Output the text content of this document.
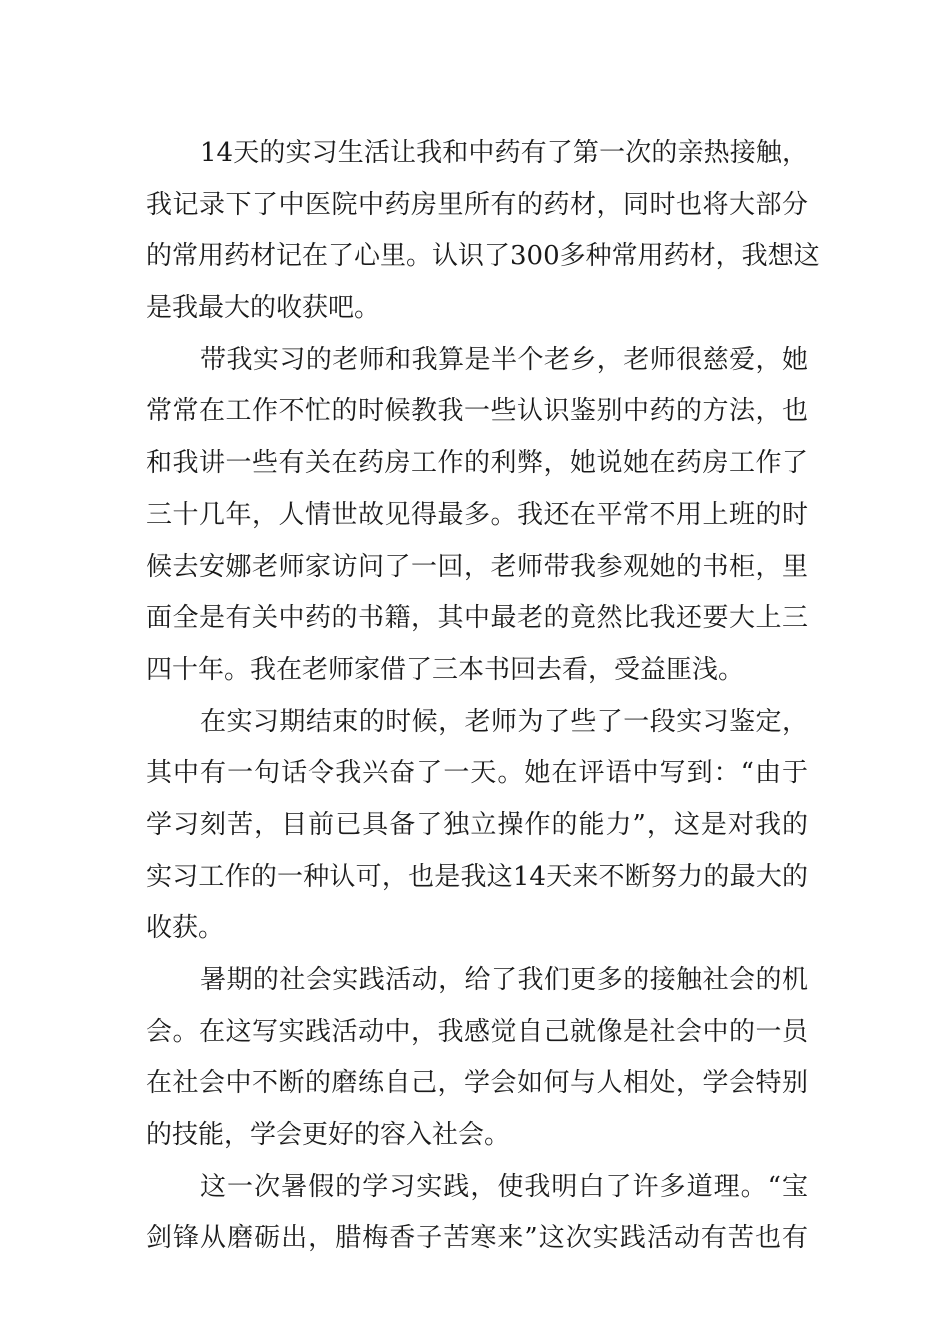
14天的实习生活让我和中药有了第一次的亲热接触，
我记录下了中医院中药房里所有的药材，同时也将大部分
的常用药材记在了心里。认识了300多种常用药材，我想这
是我最大的收获吧。
带我实习的老师和我算是半个老乡，老师很慈爱，她
常常在工作不忙的时候教我一些认识鉴别中药的方法，也
和我讲一些有关在药房工作的利弊，她说她在药房工作了
三十几年，人情世故见得最多。我还在平常不用上班的时
候去安娜老师家访问了一回，老师带我参观她的书柜，里
面全是有关中药的书籍，其中最老的竟然比我还要大上三
四十年。我在老师家借了三本书回去看，受益匪浅。
在实习期结束的时候，老师为了些了一段实习鉴定，
其中有一句话令我兴奋了一天。她在评语中写到：“由于
学习刻苦，目前已具备了独立操作的能力”，这是对我的
实习工作的一种认可，也是我这14天来不断努力的最大的
收获。
暑期的社会实践活动，给了我们更多的接触社会的机
会。在这写实践活动中，我感觉自己就像是社会中的一员
在社会中不断的磨练自己，学会如何与人相处，学会特别
的技能，学会更好的容入社会。
这一次暑假的学习实践，使我明白了许多道理。“宝
剑锋从磨砺出，腊梅香子苦寒来”这次实践活动有苦也有
